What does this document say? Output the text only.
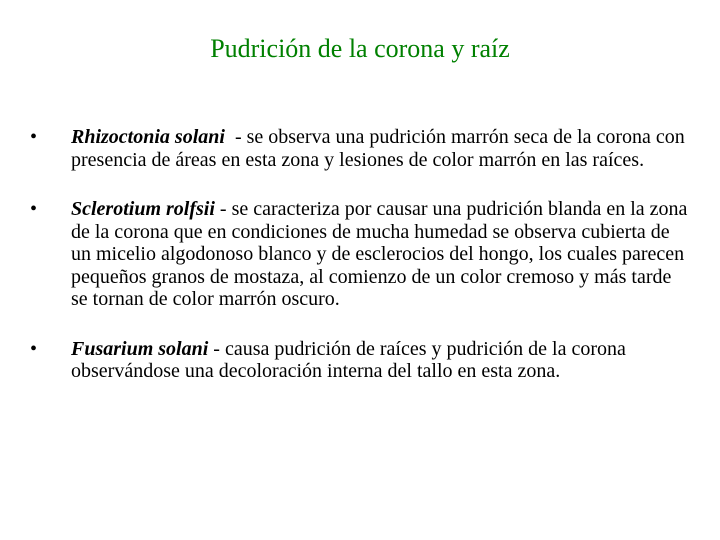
Pudrición de la corona y raíz
•	Rhizoctonia solani  - se observa una pudrición marrón seca de la corona con presencia de áreas en esta zona y lesiones de color marrón en las raíces.
•	Sclerotium rolfsii - se caracteriza por causar una pudrición blanda en la zona de la corona que en condiciones de mucha humedad se observa cubierta de un micelio algodonoso blanco y de esclerocios del hongo, los cuales parecen pequeños granos de mostaza, al comienzo de un color cremoso y más tarde se tornan de color marrón oscuro.
•	Fusarium solani - causa pudrición de raíces y pudrición de la corona observándose una decoloración interna del tallo en esta zona.
